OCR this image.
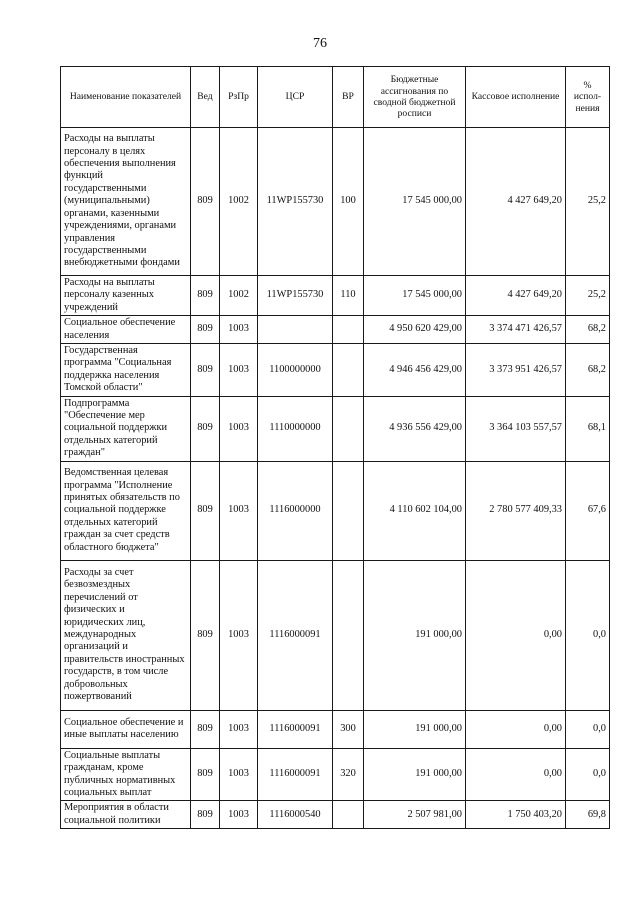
76
Наименование показателей	Вед	РзПр	ЦСР	ВР	Бюджетные ассигнования по сводной бюджетной росписи	Кассовое исполнение	% испол-нения
Расходы на выплаты персоналу в целях обеспечения выполнения функций государственными (муниципальными) органами, казенными учреждениями, органами управления государственными внебюджетными фондами	809	1002	11WP155730	100	17 545 000,00	4 427 649,20	25,2
Расходы на выплаты персоналу казенных учреждений	809	1002	11WP155730	110	17 545 000,00	4 427 649,20	25,2
Социальное обеспечение населения	809	1003			4 950 620 429,00	3 374 471 426,57	68,2
Государственная программа "Социальная поддержка населения Томской области"	809	1003	1100000000		4 946 456 429,00	3 373 951 426,57	68,2
Подпрограмма "Обеспечение мер социальной поддержки отдельных категорий граждан"	809	1003	1110000000		4 936 556 429,00	3 364 103 557,57	68,1
Ведомственная целевая программа "Исполнение принятых обязательств по социальной поддержке отдельных категорий граждан за счет средств областного бюджета"	809	1003	1116000000		4 110 602 104,00	2 780 577 409,33	67,6
Расходы за счет безвозмездных перечислений от физических и юридических лиц, международных организаций и правительств иностранных государств, в том числе добровольных пожертвований	809	1003	1116000091		191 000,00	0,00	0,0
Социальное обеспечение и иные выплаты населению	809	1003	1116000091	300	191 000,00	0,00	0,0
Социальные выплаты гражданам, кроме публичных нормативных социальных выплат	809	1003	1116000091	320	191 000,00	0,00	0,0
Мероприятия в области социальной политики	809	1003	1116000540		2 507 981,00	1 750 403,20	69,8
